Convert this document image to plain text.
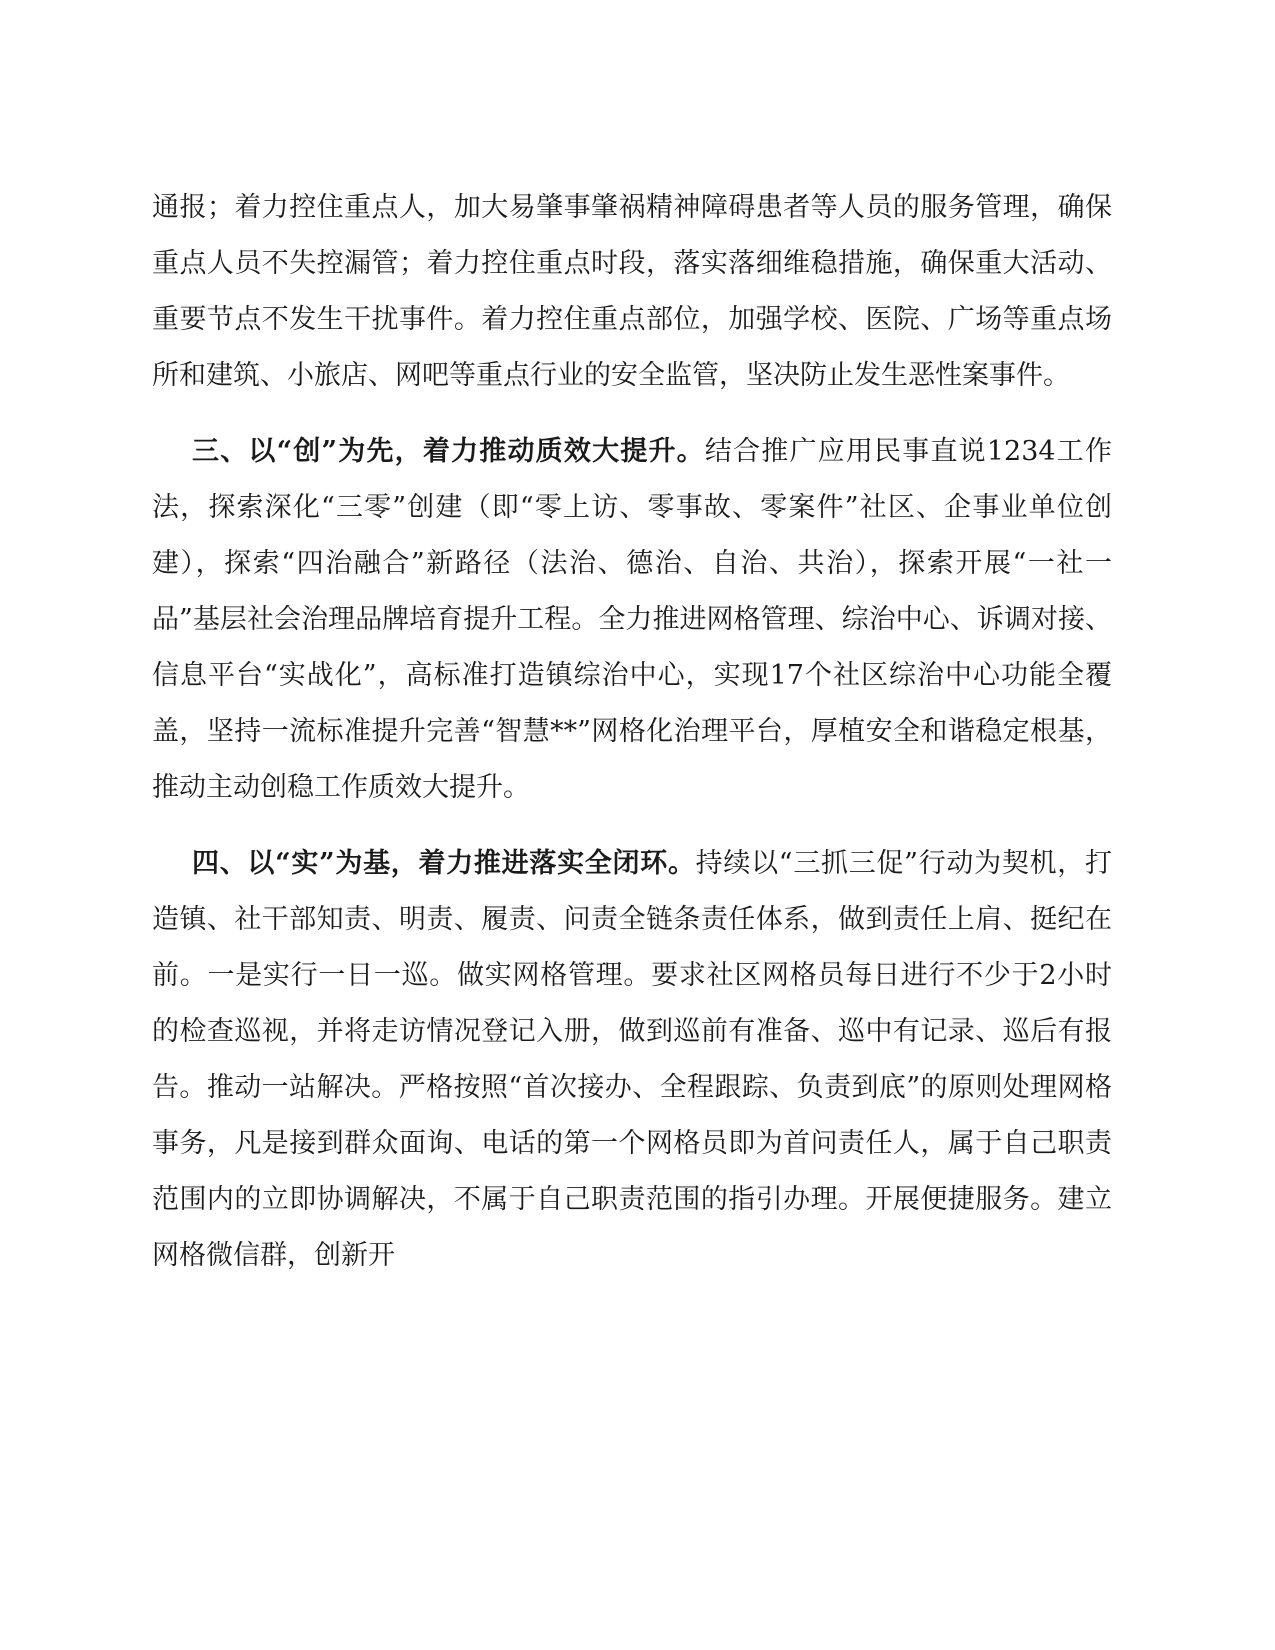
通报；着力控住重点人，加大易肇事肇祸精神障碍患者等人员的服务管理，确保重点人员不失控漏管；着力控住重点时段，落实落细维稳措施，确保重大活动、重要节点不发生干扰事件。着力控住重点部位，加强学校、医院、广场等重点场所和建筑、小旅店、网吧等重点行业的安全监管，坚决防止发生恶性案事件。

三、以“创”为先，着力推动质效大提升。结合推广应用民事直说1234工作法，探索深化“三零”创建（即“零上访、零事故、零案件”社区、企事业单位创建），探索“四治融合”新路径（法治、德治、自治、共治），探索开展“一社一品”基层社会治理品牌培育提升工程。全力推进网格管理、综治中心、诉调对接、信息平台“实战化”，高标准打造镇综治中心，实现17个社区综治中心功能全覆盖，坚持一流标准提升完善“智慧**”网格化治理平台，厚植安全和谐稳定根基，推动主动创稳工作质效大提升。

四、以“实”为基，着力推进落实全闭环。持续以“三抓三促”行动为契机，打造镇、社干部知责、明责、履责、问责全链条责任体系，做到责任上肩、挺纪在前。一是实行一日一巡。做实网格管理。要求社区网格员每日进行不少于2小时的检查巡视，并将走访情况登记入册，做到巡前有准备、巡中有记录、巡后有报告。推动一站解决。严格按照“首次接办、全程跟踪、负责到底”的原则处理网格事务，凡是接到群众面询、电话的第一个网格员即为首问责任人，属于自己职责范围内的立即协调解决，不属于自己职责范围的指引办理。开展便捷服务。建立网格微信群，创新开
